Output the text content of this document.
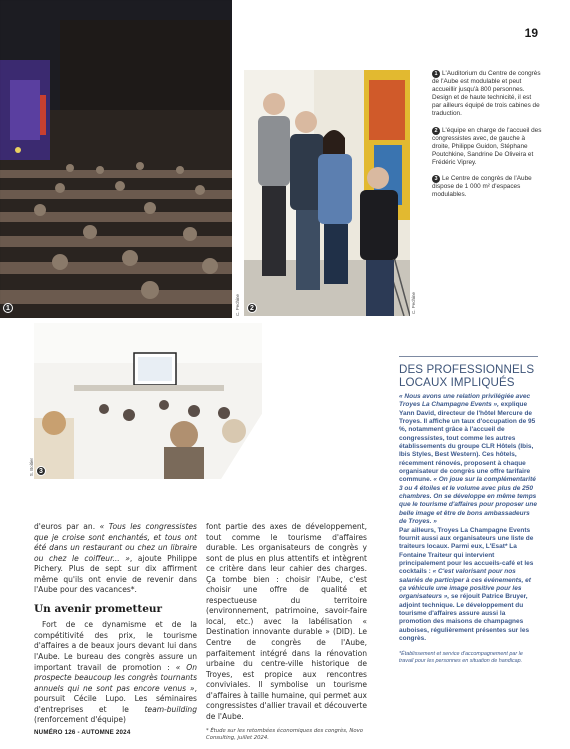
19
C. Pechine
1	C. Pechine
2
S. Boitier 3
1 L'Auditorium du Centre de congrès de l'Aube est modulable et peut accueillir jusqu'à 800 personnes. Design et de haute technicité, il est par ailleurs équipé de trois cabines de traduction.
2 L'équipe en charge de l'accueil des congressistes avec, de gauche à droite, Philippe Guidon, Stéphane Poutchkine, Sandrine De Oliveira et Frédéric Viprey.
3 Le Centre de congrès de l'Aube dispose de 1 000 m² d'espaces modulables.
DES PROFESSIONNELS LOCAUX IMPLIQUÉS

« Nous avons une relation privilégiée avec Troyes La Champagne Events », explique Yann David, directeur de l'hôtel Mercure de Troyes. Il affiche un taux d'occupation de 95 %, notamment grâce à l'accueil de congressistes, tout comme les autres établissements du groupe CLR Hôtels (Ibis, Ibis Styles, Best Western). Ces hôtels, récemment rénovés, proposent à chaque organisateur de congrès une offre tarifaire commune. « On joue sur la complémentarité 3 ou 4 étoiles et le volume avec plus de 250 chambres. On se développe en même temps que le tourisme d'affaires pour proposer une belle image et être de bons ambassadeurs de Troyes. »

Par ailleurs, Troyes La Champagne Events fournit aussi aux organisateurs une liste de traiteurs locaux. Parmi eux, L'Esat* La Fontaine Traiteur qui intervient principalement pour les accueils-café et les cocktails : « C'est valorisant pour nos salariés de participer à ces événements, et ça véhicule une image positive pour les organisateurs », se réjouit Patrice Bruyer, adjoint technique. Le développement du tourisme d'affaires assure aussi la promotion des maisons de champagnes auboises, régulièrement présentes sur les congrès.

*Établissement et service d'accompagnement par le travail pour les personnes en situation de handicap.

d'euros par an. « Tous les congressistes que je croise sont enchantés, et tous ont été dans un restaurant ou chez un libraire ou chez le coiffeur... », ajoute Philippe Pichery. Plus de sept sur dix affirment même qu'ils ont envie de revenir dans l'Aube pour des vacances*.

Un avenir prometteur

Fort de ce dynamisme et de la compétitivité des prix, le tourisme d'affaires a de beaux jours devant lui dans l'Aube. Le bureau des congrès assure un important travail de promotion : « On prospecte beaucoup les congrès tournants annuels qui ne sont pas encore venus », poursuit Cécile Lupo. Les séminaires d'entreprises et le team-building (renforcement d'équipe)

font partie des axes de développement, tout comme le tourisme d'affaires durable. Les organisateurs de congrès y sont de plus en plus attentifs et intègrent ce critère dans leur cahier des charges. Ça tombe bien : choisir l'Aube, c'est choisir une offre de qualité et respectueuse du territoire (environnement, patrimoine, savoir-faire local, etc.) avec la labélisation « Destination innovante durable » (DID). Le Centre de congrès de l'Aube, parfaitement intégré dans la rénovation urbaine du centre-ville historique de Troyes, est propice aux rencontres conviviales. Il symbolise un tourisme d'affaires à taille humaine, qui permet aux congressistes d'allier travail et découverte de l'Aube.

* Étude sur les retombées économiques des congrès, Novo Consulting, juillet 2024.
NUMÉRO 126 - AUTOMNE 2024
